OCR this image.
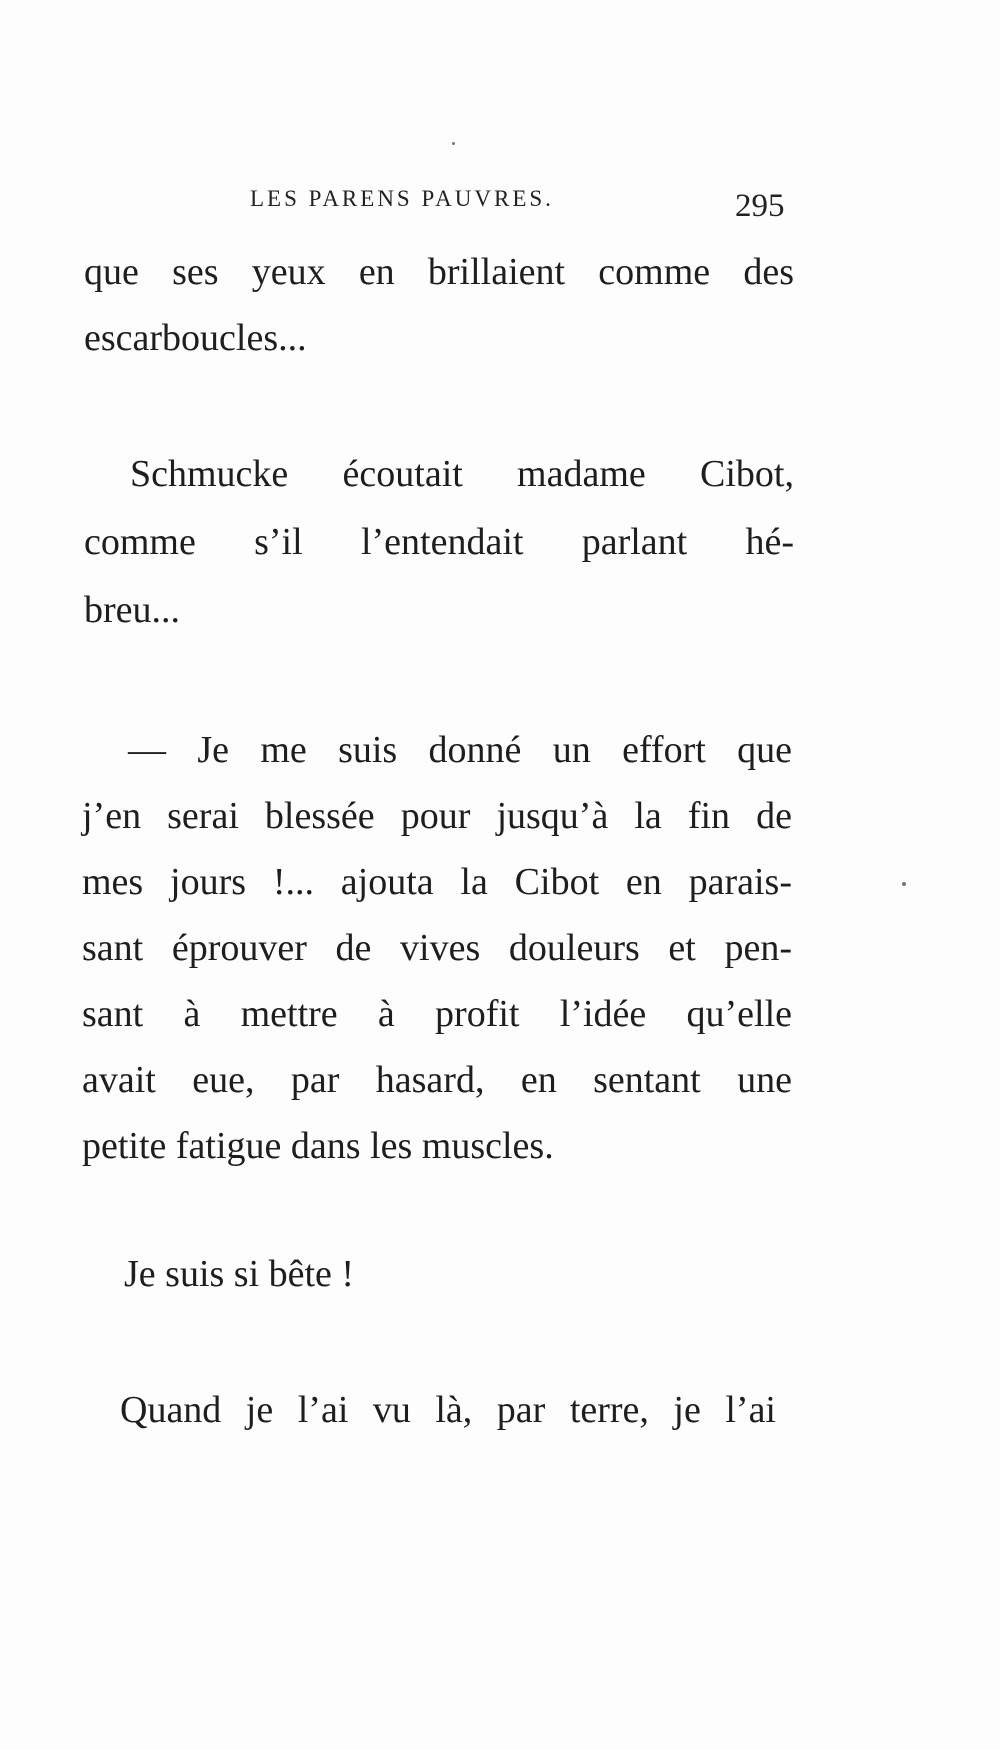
LES PARENS PAUVRES.	295
que ses yeux en brillaient comme des
escarboucles...
Schmucke écoutait madame Cibot,
comme s’il l’entendait parlant hé-
breu...
— Je me suis donné un effort que
j’en serai blessée pour jusqu’à la fin de
mes jours !... ajouta la Cibot en parais-
sant éprouver de vives douleurs et pen-
sant à mettre à profit l’idée qu’elle
avait eue, par hasard, en sentant une
petite fatigue dans les muscles.
Je suis si bête !
Quand je l’ai vu là, par terre, je l’ai
